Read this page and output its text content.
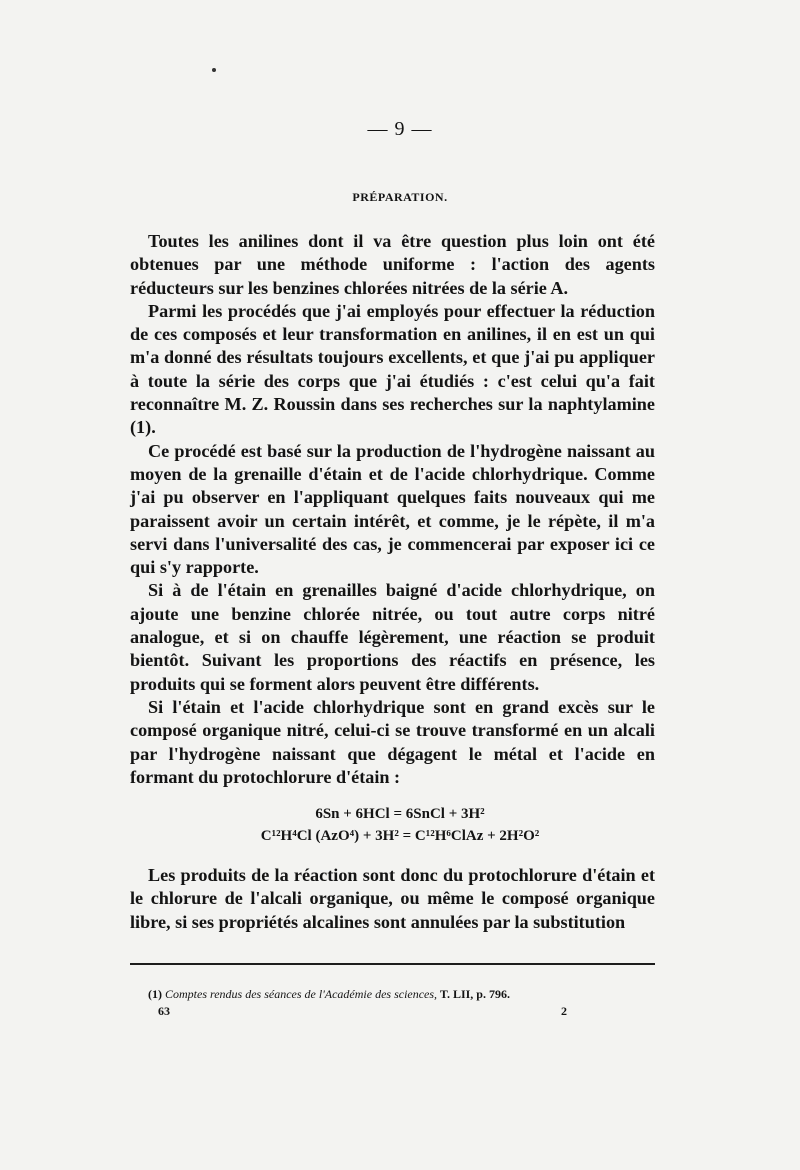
— 9 —
PRÉPARATION.

Toutes les anilines dont il va être question plus loin ont été obtenues par une méthode uniforme : l'action des agents réducteurs sur les benzines chlorées nitrées de la série A.

Parmi les procédés que j'ai employés pour effectuer la réduction de ces composés et leur transformation en anilines, il en est un qui m'a donné des résultats toujours excellents, et que j'ai pu appliquer à toute la série des corps que j'ai étudiés : c'est celui qu'a fait reconnaître M. Z. Roussin dans ses recherches sur la naphtylamine (1).

Ce procédé est basé sur la production de l'hydrogène naissant au moyen de la grenaille d'étain et de l'acide chlorhydrique. Comme j'ai pu observer en l'appliquant quelques faits nouveaux qui me paraissent avoir un certain intérêt, et comme, je le répète, il m'a servi dans l'universalité des cas, je commencerai par exposer ici ce qui s'y rapporte.

Si à de l'étain en grenailles baigné d'acide chlorhydrique, on ajoute une benzine chlorée nitrée, ou tout autre corps nitré analogue, et si on chauffe légèrement, une réaction se produit bientôt. Suivant les proportions des réactifs en présence, les produits qui se forment alors peuvent être différents.

Si l'étain et l'acide chlorhydrique sont en grand excès sur le composé organique nitré, celui-ci se trouve transformé en un alcali par l'hydrogène naissant que dégagent le métal et l'acide en formant du protochlorure d'étain :

6Sn + 6HCl = 6SnCl + 3H²
C¹²H⁴Cl (AzO⁴) + 3H² = C¹²H⁶ClAz + 2H²O²

Les produits de la réaction sont donc du protochlorure d'étain et le chlorure de l'alcali organique, ou même le composé organique libre, si ses propriétés alcalines sont annulées par la substitution

(1) Comptes rendus des séances de l'Académie des sciences, T. LII, p. 796.
63	2
